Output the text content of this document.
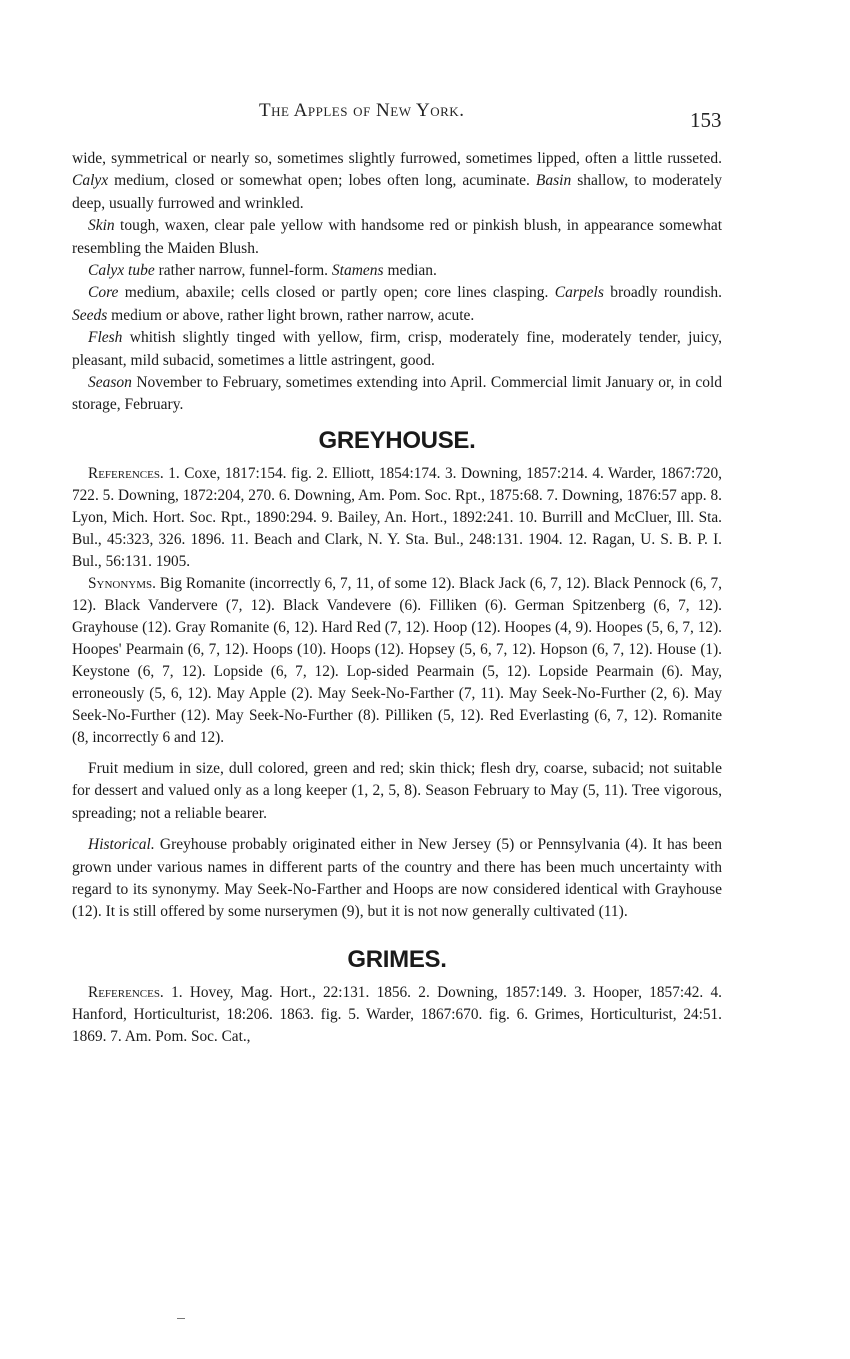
The Apples of New York.	153

wide, symmetrical or nearly so, sometimes slightly furrowed, sometimes lipped, often a little russeted. Calyx medium, closed or somewhat open; lobes often long, acuminate. Basin shallow, to moderately deep, usually furrowed and wrinkled.

Skin tough, waxen, clear pale yellow with handsome red or pinkish blush, in appearance somewhat resembling the Maiden Blush.

Calyx tube rather narrow, funnel-form. Stamens median.

Core medium, abaxile; cells closed or partly open; core lines clasping. Carpels broadly roundish. Seeds medium or above, rather light brown, rather narrow, acute.

Flesh whitish slightly tinged with yellow, firm, crisp, moderately fine, moderately tender, juicy, pleasant, mild subacid, sometimes a little astringent, good.

Season November to February, sometimes extending into April. Commercial limit January or, in cold storage, February.

GREYHOUSE.

References. 1. Coxe, 1817:154. fig. 2. Elliott, 1854:174. 3. Downing, 1857:214. 4. Warder, 1867:720, 722. 5. Downing, 1872:204, 270. 6. Downing, Am. Pom. Soc. Rpt., 1875:68. 7. Downing, 1876:57 app. 8. Lyon, Mich. Hort. Soc. Rpt., 1890:294. 9. Bailey, An. Hort., 1892:241. 10. Burrill and McCluer, Ill. Sta. Bul., 45:323, 326. 1896. 11. Beach and Clark, N. Y. Sta. Bul., 248:131. 1904. 12. Ragan, U. S. B. P. I. Bul., 56:131. 1905.

Synonyms. Big Romanite (incorrectly 6, 7, 11, of some 12). Black Jack (6, 7, 12). Black Pennock (6, 7, 12). Black Vandervere (7, 12). Black Vandevere (6). Filliken (6). German Spitzenberg (6, 7, 12). Grayhouse (12). Gray Romanite (6, 12). Hard Red (7, 12). Hoop (12). Hoopes (4, 9). Hoopes (5, 6, 7, 12). Hoopes' Pearmain (6, 7, 12). Hoops (10). Hoops (12). Hopsey (5, 6, 7, 12). Hopson (6, 7, 12). House (1). Keystone (6, 7, 12). Lopside (6, 7, 12). Lop-sided Pearmain (5, 12). Lopside Pearmain (6). May, erroneously (5, 6, 12). May Apple (2). May Seek-No-Farther (7, 11). May Seek-No-Further (2, 6). May Seek-No-Further (12). May Seek-No-Further (8). Pilliken (5, 12). Red Everlasting (6, 7, 12). Romanite (8, incorrectly 6 and 12).

Fruit medium in size, dull colored, green and red; skin thick; flesh dry, coarse, subacid; not suitable for dessert and valued only as a long keeper (1, 2, 5, 8). Season February to May (5, 11). Tree vigorous, spreading; not a reliable bearer.

Historical. Greyhouse probably originated either in New Jersey (5) or Pennsylvania (4). It has been grown under various names in different parts of the country and there has been much uncertainty with regard to its synonymy. May Seek-No-Farther and Hoops are now considered identical with Grayhouse (12). It is still offered by some nurserymen (9), but it is not now generally cultivated (11).

GRIMES.

References. 1. Hovey, Mag. Hort., 22:131. 1856. 2. Downing, 1857:149. 3. Hooper, 1857:42. 4. Hanford, Horticulturist, 18:206. 1863. fig. 5. Warder, 1867:670. fig. 6. Grimes, Horticulturist, 24:51. 1869. 7. Am. Pom. Soc. Cat.,
